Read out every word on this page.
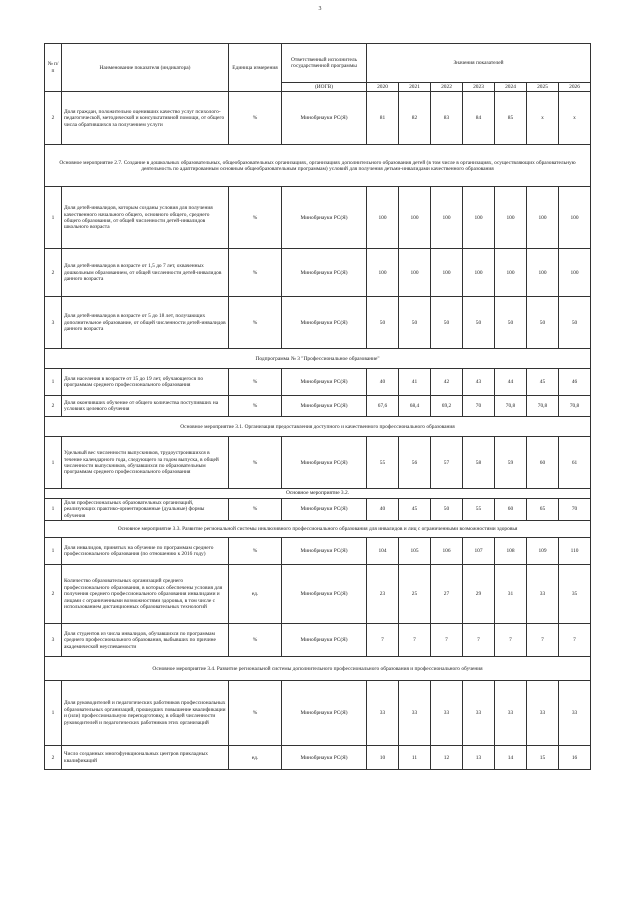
3
№ п/п	Наименование показателя (индикатора)	Единица измерения	Ответственный исполнитель государственной программы	Значения показателей						
			(ИОГВ)	2020	2021	2022	2023	2024	2025	2026
2	Доля граждан, положительно оценивших качество услуг психолого-педагогической, методической и консультативной помощи, от общего числа обратившихся за получением услуги	%	Минобрнауки РС(Я)	81	82	83	84	85	х	х
Основное мероприятие 2.7. Создание в дошкольных образовательных, общеобразовательных организациях, организациях дополнительного образования детей (в том числе в организациях, осуществляющих образовательную деятельность по адаптированным основным общеобразовательным программам) условий для получения детьми-инвалидами качественного образования										
1	Доля детей-инвалидов, которым созданы условия для получения качественного начального общего, основного общего, среднего общего образования, от общей численности детей-инвалидов школьного возраста	%	Минобрнауки РС(Я)	100	100	100	100	100	100	100
2	Доля детей-инвалидов в возрасте от 1,5 до 7 лет, охваченных дошкольным образованием, от общей численности детей-инвалидов данного возраста	%	Минобрнауки РС(Я)	100	100	100	100	100	100	100
3	Доля детей-инвалидов в возрасте от 5 до 18 лет, получающих дополнительное образование, от общей численности детей-инвалидов данного возраста	%	Минобрнауки РС(Я)	50	50	50	50	50	50	50
Подпрограмма № 3 "Профессиональное образование"										
1	Доля населения в возрасте от 15 до 19 лет, обучающегося по программам среднего профессионального образования	%	Минобрнауки РС(Я)	40	41	42	43	44	45	46
2	Доля окончивших обучение от общего количества поступивших на условиях целевого обучения	%	Минобрнауки РС(Я)	67,6	68,4	69,2	70	70,8	70,8	70,8
Основное мероприятие 3.1. Организация предоставления доступного и качественного профессионального образования										
1	Удельный вес численности выпускников, трудоустроившихся в течение календарного года, следующего за годом выпуска, в общей численности выпускников, обучавшихся по образовательным программам среднего профессионального образования	%	Минобрнауки РС(Я)	55	56	57	58	59	60	61
Основное мероприятие 3.2.										
1	Доля профессиональных образовательных организаций, реализующих практико-ориентированные (дуальные) формы обучения	%	Минобрнауки РС(Я)	40	45	50	55	60	65	70
Основное мероприятие 3.3. Развитие региональной системы инклюзивного профессионального образования для инвалидов и лиц с ограниченными возможностями здоровья										
1	Доля инвалидов, принятых на обучение по программам среднего профессионального образования (по отношению к 2016 году)	%	Минобрнауки РС(Я)	104	105	106	107	108	109	110
2	Количество образовательных организаций среднего профессионального образования, в которых обеспечены условия для получения среднего профессионального образования инвалидами и лицами с ограниченными возможностями здоровья, в том числе с использованием дистанционных образовательных технологий	ед.	Минобрнауки РС(Я)	23	25	27	29	31	33	35
3	Доля студентов из числа инвалидов, обучавшихся по программам среднего профессионального образования, выбывших по причине академической неуспеваемости	%	Минобрнауки РС(Я)	7	7	7	7	7	7	7
Основное мероприятие 3.4. Развитие региональной системы дополнительного профессионального образования и профессионального обучения										
1	Доля руководителей и педагогических работников профессиональных образовательных организаций, прошедших повышение квалификации и (или) профессиональную переподготовку, в общей численности руководителей и педагогических работников этих организаций	%	Минобрнауки РС(Я)	33	33	33	33	33	33	33
2	Число созданных многофункциональных центров прикладных квалификаций	ед.	Минобрнауки РС(Я)	10	11	12	13	14	15	16
